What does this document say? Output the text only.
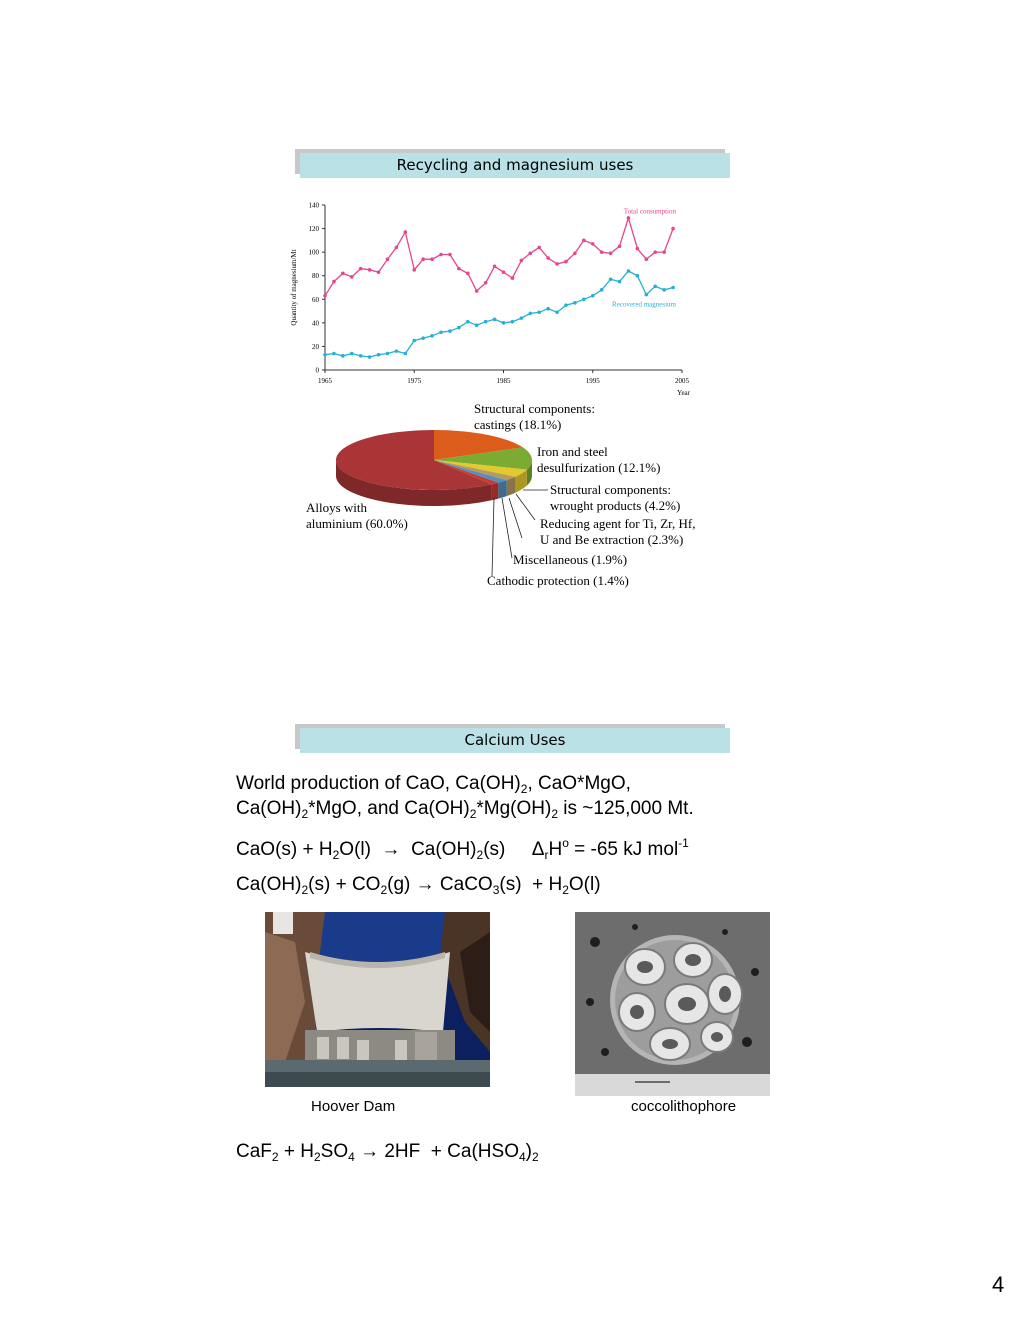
Recycling and magnesium uses
0
20
40
60
80
100
120
140
1965	1975	1985	1995	2005
Year
Quantity of magnesium/Mt
Total consumption
Recovered magnesium
Structural components:
castings (18.1%)
Iron and steel
desulfurization (12.1%)
Structural components:
wrought products (4.2%)
Reducing agent for Ti, Zr, Hf,
U and Be extraction (2.3%)
Miscellaneous (1.9%)
Cathodic protection (1.4%)
Alloys with
aluminium (60.0%)
Calcium Uses
World production of CaO, $Ca(OH)_2$, CaO*MgO,
$Ca(OH)_2*MgO$, and $Ca(OH)_2*Mg(OH)_2$ is ~125,000 Mt.
$CaO(s) + H_2O(l) \to Ca(OH)_2(s)$     $\Delta_rH^o = -65$ kJ mol$^{-1}$
$Ca(OH)_2(s) + CO_2(g)$ → CaCO$_3$(s)  + $H_2O(l)$
Hoover Dam	coccolithophore
$CaF_2 + H_2SO_4 \to 2HF + Ca(HSO_4)_2$
4
